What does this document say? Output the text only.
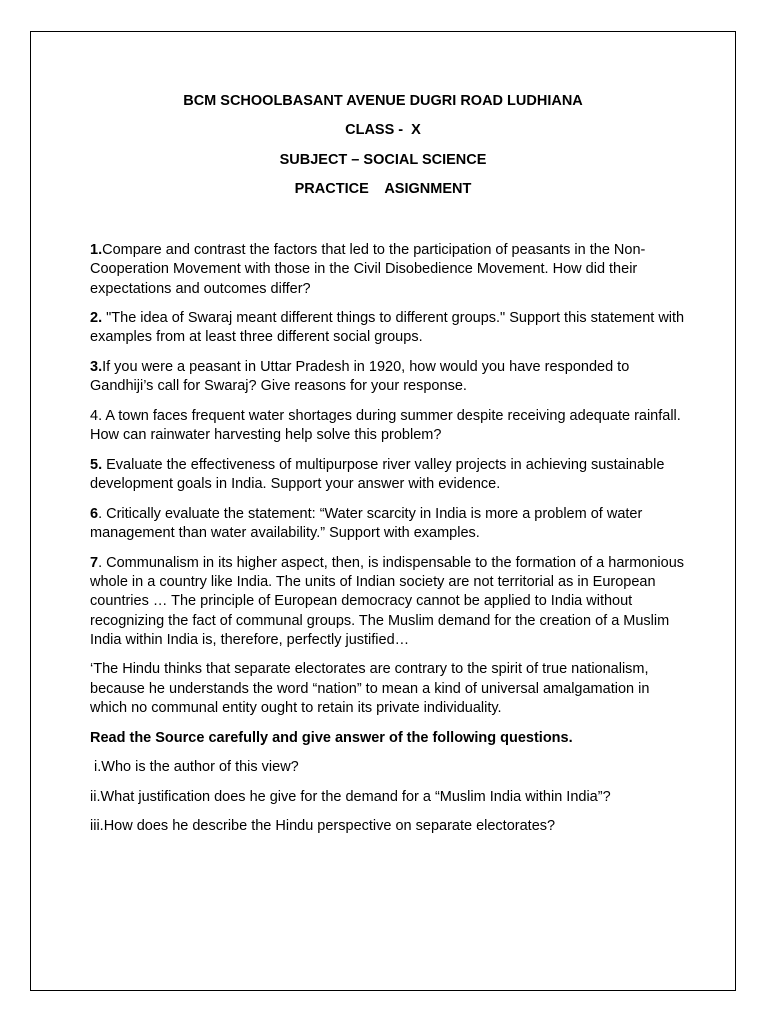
BCM SCHOOLBASANT AVENUE DUGRI ROAD LUDHIANA
CLASS -  X
SUBJECT – SOCIAL SCIENCE
PRACTICE    ASIGNMENT
1.Compare and contrast the factors that led to the participation of peasants in the Non-Cooperation Movement with those in the Civil Disobedience Movement. How did their expectations and outcomes differ?
2. "The idea of Swaraj meant different things to different groups." Support this statement with examples from at least three different social groups.
3.If you were a peasant in Uttar Pradesh in 1920, how would you have responded to Gandhiji’s call for Swaraj? Give reasons for your response.
4. A town faces frequent water shortages during summer despite receiving adequate rainfall. How can rainwater harvesting help solve this problem?
5. Evaluate the effectiveness of multipurpose river valley projects in achieving sustainable development goals in India. Support your answer with evidence.
6. Critically evaluate the statement: “Water scarcity in India is more a problem of water management than water availability.” Support with examples.
7. Communalism in its higher aspect, then, is indispensable to the formation of a harmonious whole in a country like India. The units of Indian society are not territorial as in European countries … The principle of European democracy cannot be applied to India without recognizing the fact of communal groups. The Muslim demand for the creation of a Muslim India within India is, therefore, perfectly justified…
‘The Hindu thinks that separate electorates are contrary to the spirit of true nationalism, because he understands the word “nation” to mean a kind of universal amalgamation in which no communal entity ought to retain its private individuality.
Read the Source carefully and give answer of the following questions.
i.Who is the author of this view?
ii.What justification does he give for the demand for a “Muslim India within India”?
iii.How does he describe the Hindu perspective on separate electorates?
